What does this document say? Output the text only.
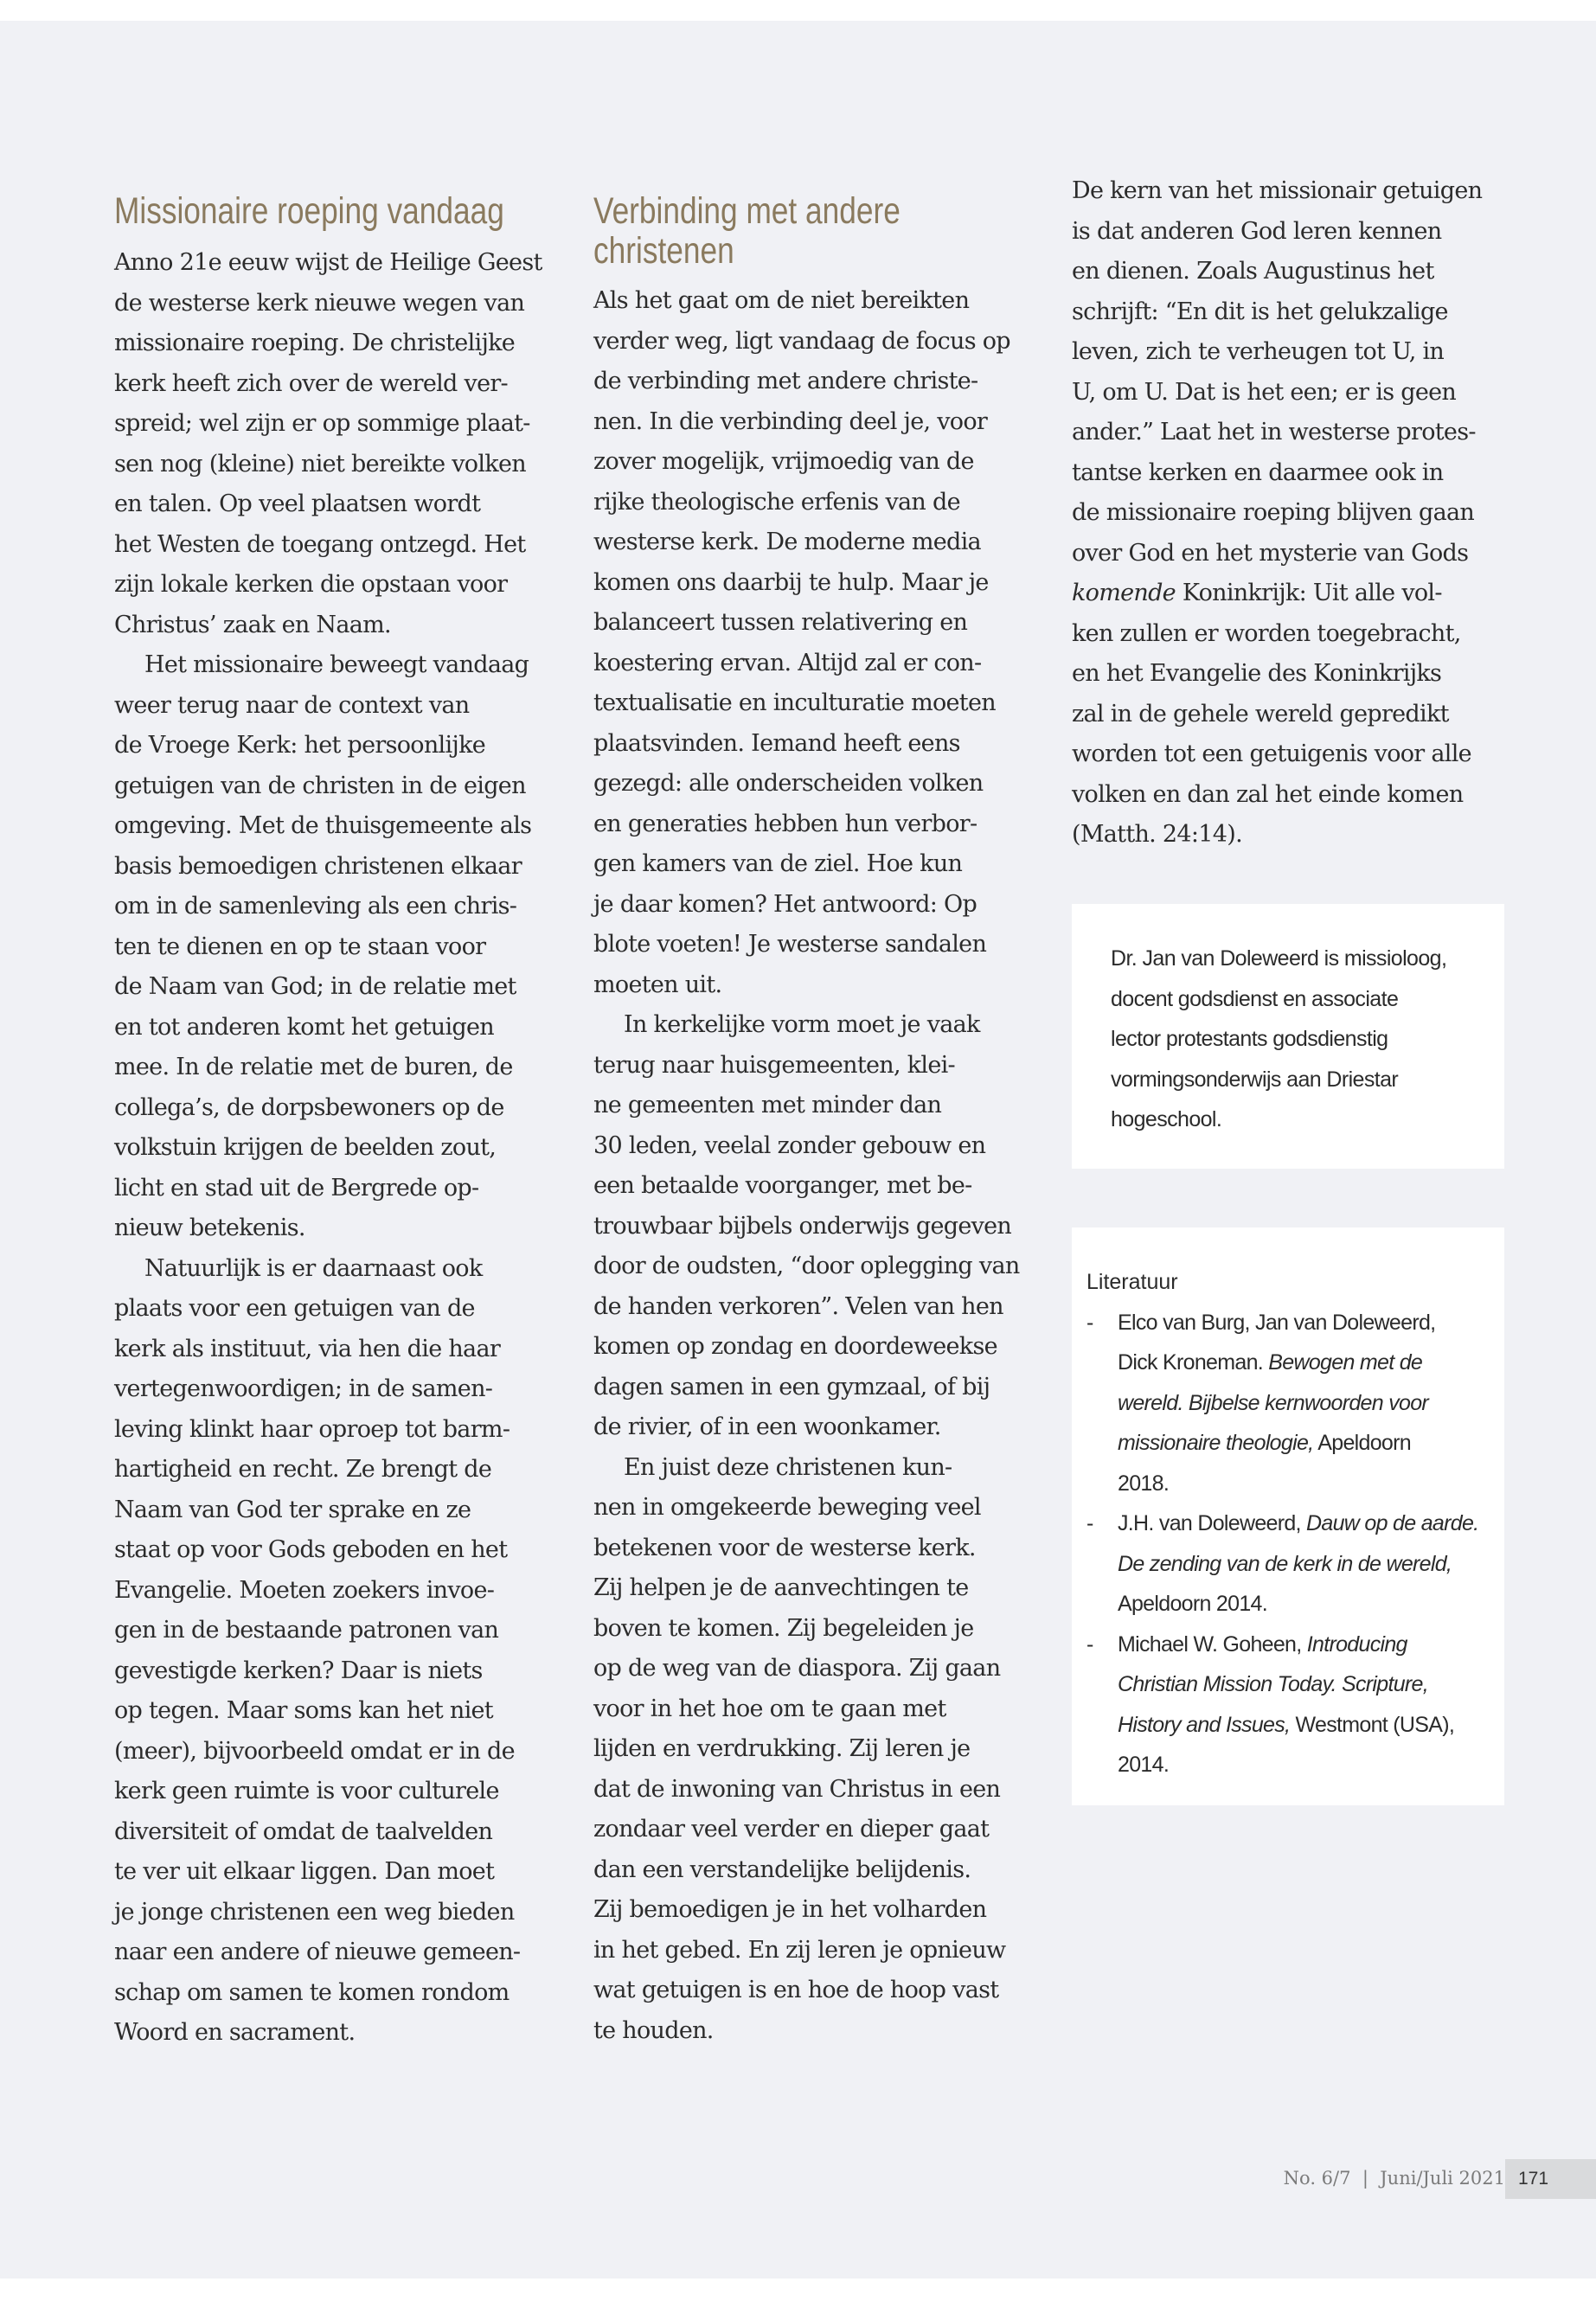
Missionaire roeping vandaag

Anno 21e eeuw wijst de Heilige Geest
de westerse kerk nieuwe wegen van
missionaire roeping. De christelijke
kerk heeft zich over de wereld ver-
spreid; wel zijn er op sommige plaat-
sen nog (kleine) niet bereikte volken
en talen. Op veel plaatsen wordt
het Westen de toegang ontzegd. Het
zijn lokale kerken die opstaan voor
Christus’ zaak en Naam.

Het missionaire beweegt vandaag
weer terug naar de context van
de Vroege Kerk: het persoonlijke
getuigen van de christen in de eigen
omgeving. Met de thuisgemeente als
basis bemoedigen christenen elkaar
om in de samenleving als een chris-
ten te dienen en op te staan voor
de Naam van God; in de relatie met
en tot anderen komt het getuigen
mee. In de relatie met de buren, de
collega’s, de dorpsbewoners op de
volkstuin krijgen de beelden zout,
licht en stad uit de Bergrede op-
nieuw betekenis.

Natuurlijk is er daarnaast ook
plaats voor een getuigen van de
kerk als instituut, via hen die haar
vertegenwoordigen; in de samen-
leving klinkt haar oproep tot barm-
hartigheid en recht. Ze brengt de
Naam van God ter sprake en ze
staat op voor Gods geboden en het
Evangelie. Moeten zoekers invoe-
gen in de bestaande patronen van
gevestigde kerken? Daar is niets
op tegen. Maar soms kan het niet
(meer), bijvoorbeeld omdat er in de
kerk geen ruimte is voor culturele
diversiteit of omdat de taalvelden
te ver uit elkaar liggen. Dan moet
je jonge christenen een weg bieden
naar een andere of nieuwe gemeen-
schap om samen te komen rondom
Woord en sacrament.

Verbinding met andere
christenen

Als het gaat om de niet bereikten
verder weg, ligt vandaag de focus op
de verbinding met andere christe-
nen. In die verbinding deel je, voor
zover mogelijk, vrijmoedig van de
rijke theologische erfenis van de
westerse kerk. De moderne media
komen ons daarbij te hulp. Maar je
balanceert tussen relativering en
koestering ervan. Altijd zal er con-
textualisatie en inculturatie moeten
plaatsvinden. Iemand heeft eens
gezegd: alle onderscheiden volken
en generaties hebben hun verbor-
gen kamers van de ziel. Hoe kun
je daar komen? Het antwoord: Op
blote voeten! Je westerse sandalen
moeten uit.

In kerkelijke vorm moet je vaak
terug naar huisgemeenten, klei-
ne gemeenten met minder dan
30 leden, veelal zonder gebouw en
een betaalde voorganger, met be-
trouwbaar bijbels onderwijs gegeven
door de oudsten, “door oplegging van
de handen verkoren”. Velen van hen
komen op zondag en doordeweekse
dagen samen in een gymzaal, of bij
de rivier, of in een woonkamer.

En juist deze christenen kun-
nen in omgekeerde beweging veel
betekenen voor de westerse kerk.
Zij helpen je de aanvechtingen te
boven te komen. Zij begeleiden je
op de weg van de diaspora. Zij gaan
voor in het hoe om te gaan met
lijden en verdrukking. Zij leren je
dat de inwoning van Christus in een
zondaar veel verder en dieper gaat
dan een verstandelijke belijdenis.
Zij bemoedigen je in het volharden
in het gebed. En zij leren je opnieuw
wat getuigen is en hoe de hoop vast
te houden.

De kern van het missionair getuigen
is dat anderen God leren kennen
en dienen. Zoals Augustinus het
schrijft: “En dit is het gelukzalige
leven, zich te verheugen tot U, in
U, om U. Dat is het een; er is geen
ander.” Laat het in westerse protes-
tantse kerken en daarmee ook in
de missionaire roeping blijven gaan
over God en het mysterie van Gods
komende Koninkrijk: Uit alle vol-
ken zullen er worden toegebracht,
en het Evangelie des Koninkrijks
zal in de gehele wereld gepredikt
worden tot een getuigenis voor alle
volken en dan zal het einde komen
(Matth. 24:14).

Dr. Jan van Doleweerd is missioloog,
docent godsdienst en associate
lector protestants godsdienstig
vormingsonderwijs aan Driestar
hogeschool.

Literatuur

- Elco van Burg, Jan van Doleweerd,
Dick Kroneman. Bewogen met de
wereld. Bijbelse kernwoorden voor
missionaire theologie, Apeldoorn
2018.
- J.H. van Doleweerd, Dauw op de aarde.
De zending van de kerk in de wereld,
Apeldoorn 2014.
- Michael W. Goheen, Introducing
Christian Mission Today. Scripture,
History and Issues, Westmont (USA),
2014.
No. 6/7  |  Juni/Juli 2021 171
